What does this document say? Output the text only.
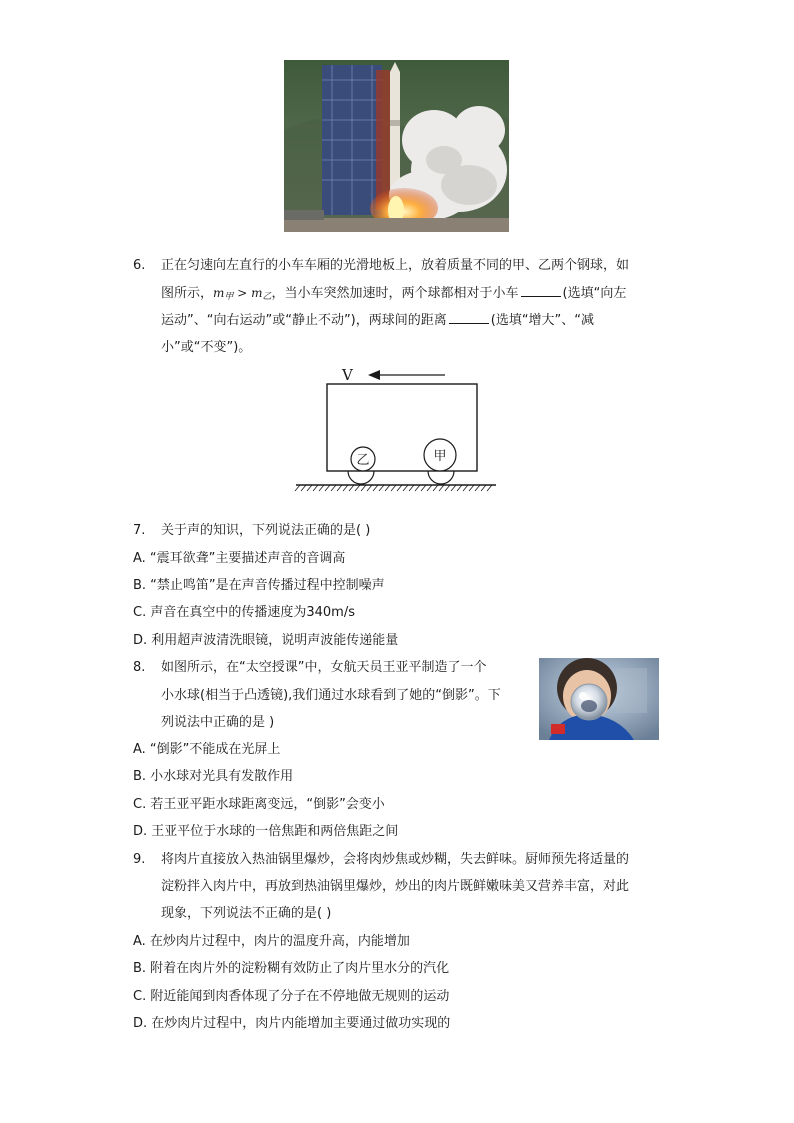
6. 正在匀速向左直行的小车车厢的光滑地板上，放着质量不同的甲、乙两个钢球，如
图所示，$m_甲 > m_乙$，当小车突然加速时，两个球都相对于小车	(选填“向左
运动”、“向右运动”或“静止不动”)，两球间的距离	(选填“增大”、“减
小”或“不变”)。
V
乙	甲
7. 关于声的知识，下列说法正确的是( )
A. “震耳欲聋”主要描述声音的音调高
B. “禁止鸣笛”是在声音传播过程中控制噪声
C. 声音在真空中的传播速度为340m/s
D. 利用超声波清洗眼镜，说明声波能传递能量
8. 如图所示，在“太空授课”中，女航天员王亚平制造了一个
小水球(相当于凸透镜),我们通过水球看到了她的“倒影”。下
列说法中正确的是 )
A. “倒影”不能成在光屏上
B. 小水球对光具有发散作用
C. 若王亚平距水球距离变远，“倒影”会变小
D. 王亚平位于水球的一倍焦距和两倍焦距之间
9. 将肉片直接放入热油锅里爆炒，会将肉炒焦或炒糊，失去鲜味。厨师预先将适量的
淀粉拌入肉片中，再放到热油锅里爆炒，炒出的肉片既鲜嫩味美又营养丰富，对此
现象，下列说法不正确的是( )
A. 在炒肉片过程中，肉片的温度升高，内能增加
B. 附着在肉片外的淀粉糊有效防止了肉片里水分的汽化
C. 附近能闻到肉香体现了分子在不停地做无规则的运动
D. 在炒肉片过程中，肉片内能增加主要通过做功实现的
